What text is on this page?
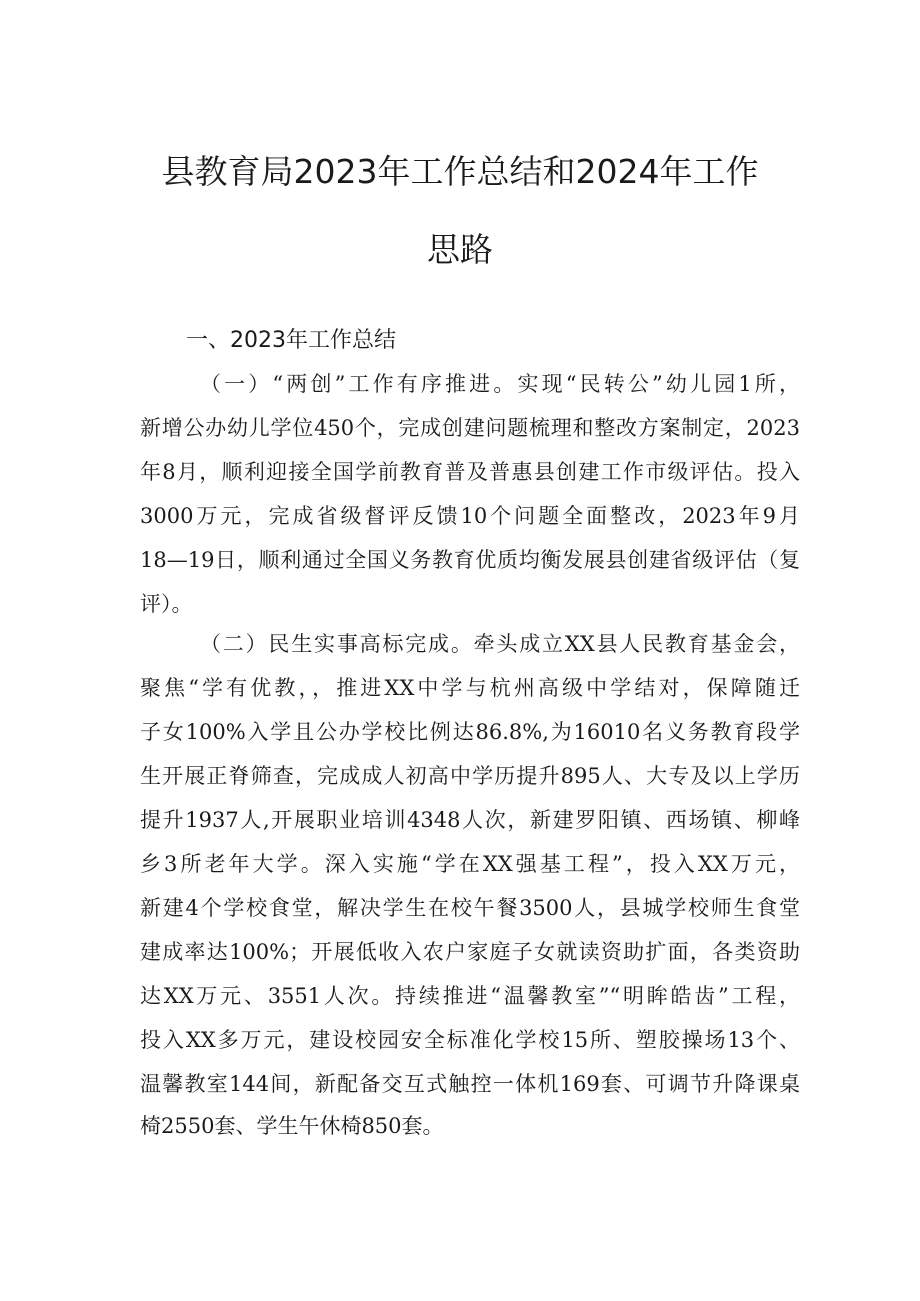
县教育局2023年工作总结和2024年工作
思路
一、2023年工作总结
（一）“两创”工作有序推进。实现“民转公”幼儿园1所，
新增公办幼儿学位450个，完成创建问题梳理和整改方案制定，2023
年8月，顺利迎接全国学前教育普及普惠县创建工作市级评估。投入
3000万元，完成省级督评反馈10个问题全面整改，2023年9月
18—19日，顺利通过全国义务教育优质均衡发展县创建省级评估（复
评）。
（二）民生实事高标完成。牵头成立XX县人民教育基金会，
聚焦“学有优教，，推进XX中学与杭州高级中学结对，保障随迁
子女100%入学且公办学校比例达86.8%,为16010名义务教育段学
生开展正脊筛查，完成成人初高中学历提升895人、大专及以上学历
提升1937人,开展职业培训4348人次，新建罗阳镇、西场镇、柳峰
乡3所老年大学。深入实施“学在XX强基工程”，投入XX万元，
新建4个学校食堂，解决学生在校午餐3500人，县城学校师生食堂
建成率达100%；开展低收入农户家庭子女就读资助扩面，各类资助
达XX万元、3551人次。持续推进“温馨教室”“明眸皓齿”工程，
投入XX多万元，建设校园安全标准化学校15所、塑胶操场13个、
温馨教室144间，新配备交互式触控一体机169套、可调节升降课桌
椅2550套、学生午休椅850套。
